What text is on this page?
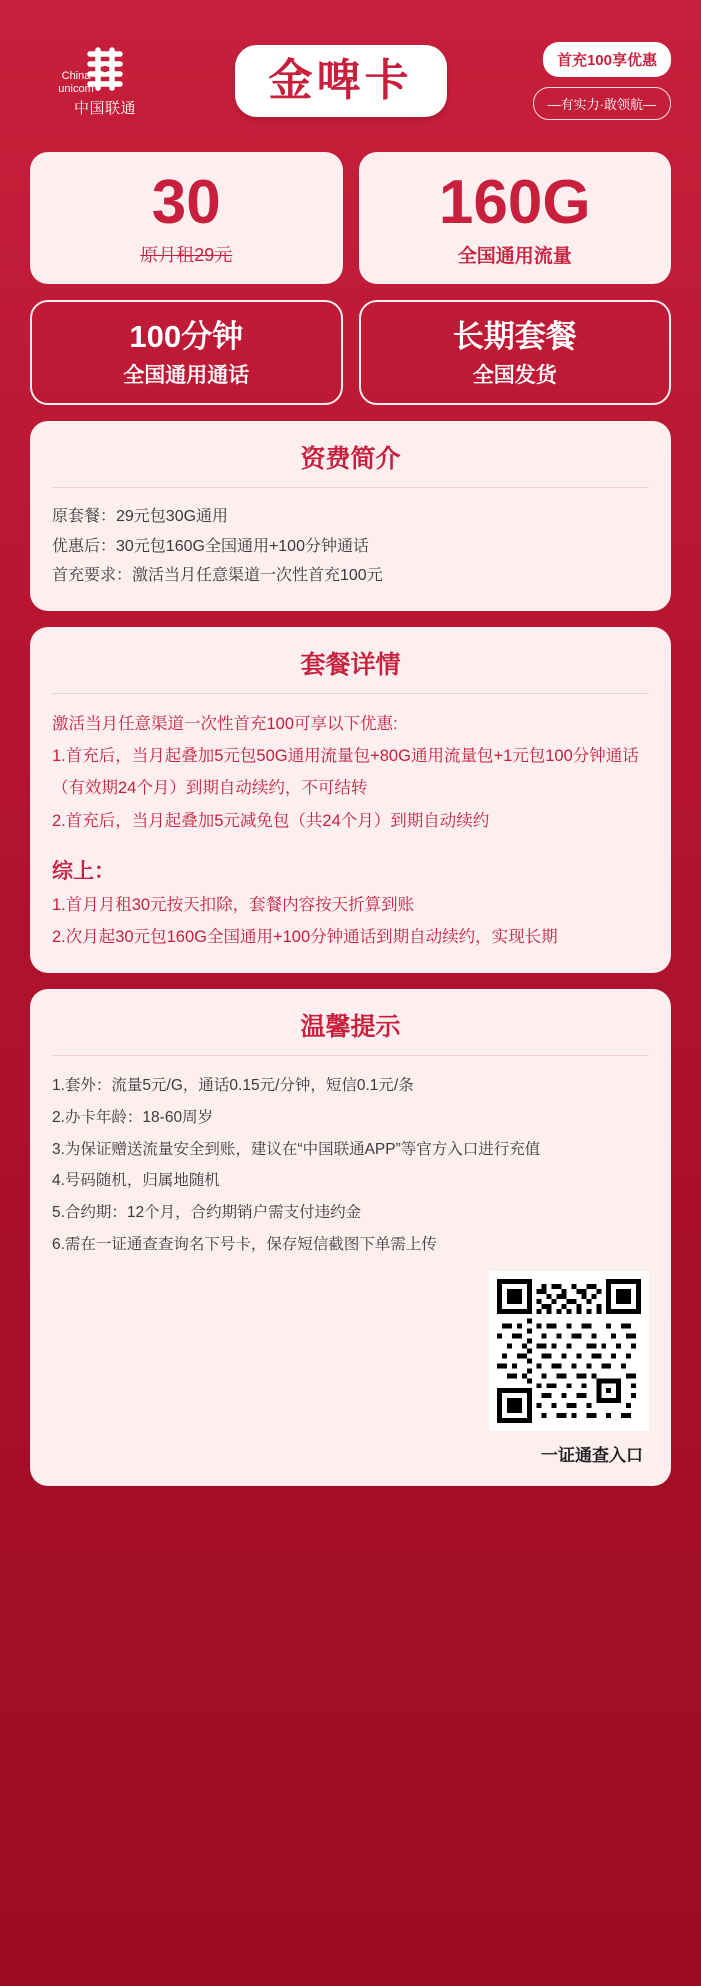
China
unicom
中国联通
金啤卡	首充100享优惠
—有实力·敢领航—
30
原月租29元
160G
全国通用流量
100分钟
全国通用通话
长期套餐
全国发货
资费简介
原套餐：29元包30G通用
优惠后：30元包160G全国通用+100分钟通话
首充要求：激活当月任意渠道一次性首充100元
套餐详情
激活当月任意渠道一次性首充100可享以下优惠:
1.首充后，当月起叠加5元包50G通用流量包+80G通用流量包+1元包100分钟通话（有效期24个月）到期自动续约，不可结转
2.首充后，当月起叠加5元减免包（共24个月）到期自动续约
综上：
1.首月月租30元按天扣除，套餐内容按天折算到账
2.次月起30元包160G全国通用+100分钟通话到期自动续约，实现长期
温馨提示
1.套外：流量5元/G，通话0.15元/分钟，短信0.1元/条
2.办卡年龄：18-60周岁
3.为保证赠送流量安全到账，建议在“中国联通APP”等官方入口进行充值
4.号码随机，归属地随机
5.合约期：12个月，合约期销户需支付违约金
6.需在一证通查查询名下号卡，保存短信截图下单需上传
一证通查入口
